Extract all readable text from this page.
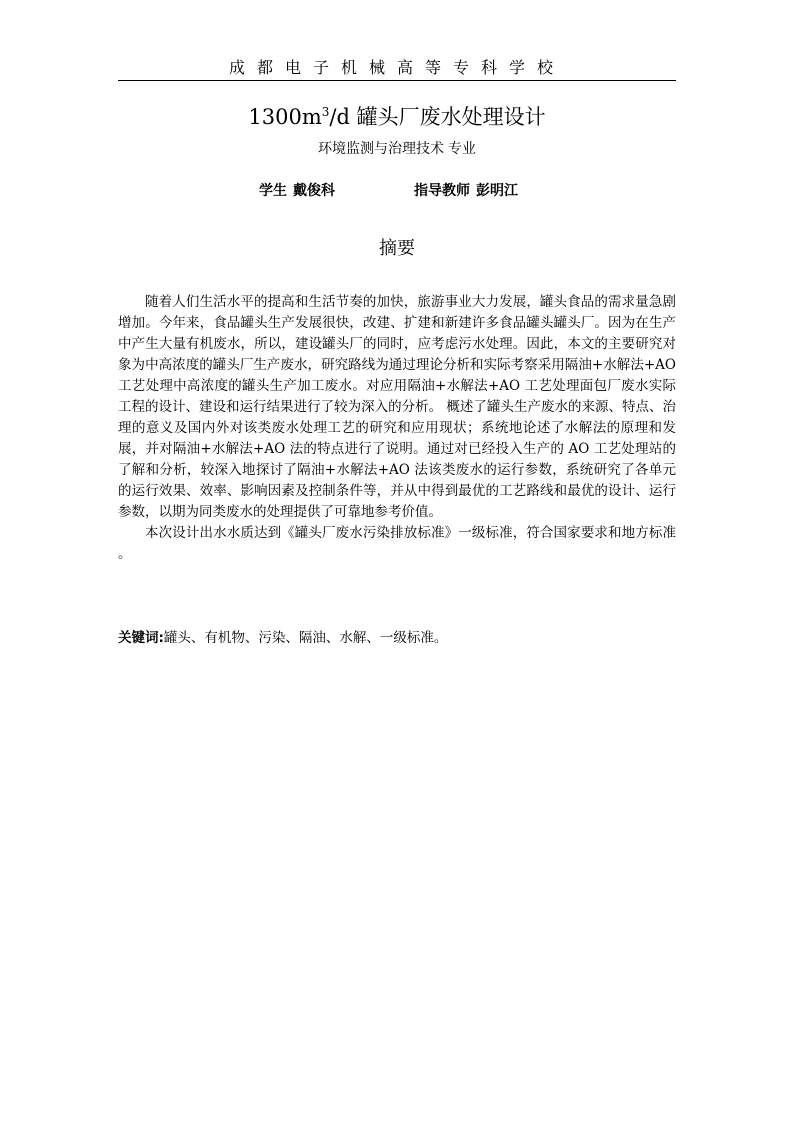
成都电子机械高等专科学校
$1300m^3/d$ 罐头厂废水处理设计
环境监测与治理技术 专业
学生 戴俊科	指导教师 彭明江
摘要

随着人们生活水平的提高和生活节奏的加快，旅游事业大力发展，罐头食品的需求量急剧增加。今年来，食品罐头生产发展很快，改建、扩建和新建许多食品罐头罐头厂。因为在生产中产生大量有机废水，所以，建设罐头厂的同时，应考虑污水处理。因此，本文的主要研究对象为中高浓度的罐头厂生产废水，研究路线为通过理论分析和实际考察采用隔油+水解法+AO 工艺处理中高浓度的罐头生产加工废水。对应用隔油+水解法+AO 工艺处理面包厂废水实际工程的设计、建设和运行结果进行了较为深入的分析。 概述了罐头生产废水的来源、特点、治理的意义及国内外对该类废水处理工艺的研究和应用现状；系统地论述了水解法的原理和发展，并对隔油+水解法+AO 法的特点进行了说明。通过对已经投入生产的 AO 工艺处理站的了解和分析，较深入地探讨了隔油+水解法+AO 法该类废水的运行参数，系统研究了各单元的运行效果、效率、影响因素及控制条件等，并从中得到最优的工艺路线和最优的设计、运行参数，以期为同类废水的处理提供了可靠地参考价值。

本次设计出水水质达到《罐头厂废水污染排放标准》一级标准，符合国家要求和地方标准 。

关键词:罐头、有机物、污染、隔油、水解、一级标准。
